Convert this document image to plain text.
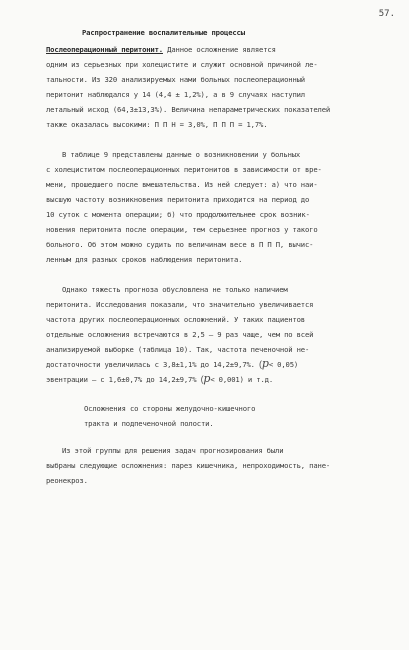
57.
Распространение воспалительные процессы
Послеоперационный перитонит. Данное осложнение является
одним из серьезных при холецистите и служит основной причиной ле-
тальности. Из 320 анализируемых нами больных послеоперационный
перитонит наблюдался у 14 (4,4 ± 1,2%), а в 9 случаях наступил
летальный исход (64,3±13,3%). Величина непараметрических показателей
также оказалась высокими: П П Н = 3,0%, П П П = 1,7%.
В таблице 9 представлены данные о возникновении у больных
с холециститом послеоперационных перитонитов в зависимости от вре-
мени, прошедшего после вмешательства. Из ней следует: а) что наи-
высшую частоту возникновения перитонита приходится на период до
10 суток с момента операции; б) что продолжительнее срок возник-
новения перитонита после операции, тем серьезнее прогноз у такого
больного. Об этом можно судить по величинам весе в П П П, вычис-
ленным для разных сроков наблюдения перитонита.
Однако тяжесть прогноза обусловлена не только наличием
перитонита. Исследования показали, что значительно увеличивается
частота других послеоперационных осложнений. У таких пациентов
отдельные осложнения встречаются в 2,5 – 9 раз чаще, чем по всей
анализируемой выборке (таблица 10). Так, частота печеночной не-
достаточности увеличилась с 3,8±1,1% до 14,2±9,7%. (p< 0,05)
эвентрации – с 1,6±0,7% до 14,2±9,7% (p< 0,001) и т.д.
Осложнения со стороны желудочно-кишечного
тракта и подпеченочной полости.
Из этой группы для решения задач прогнозирования были
выбраны следующие осложнения: парез кишечника, непроходимость, пане-
реонекроз.
